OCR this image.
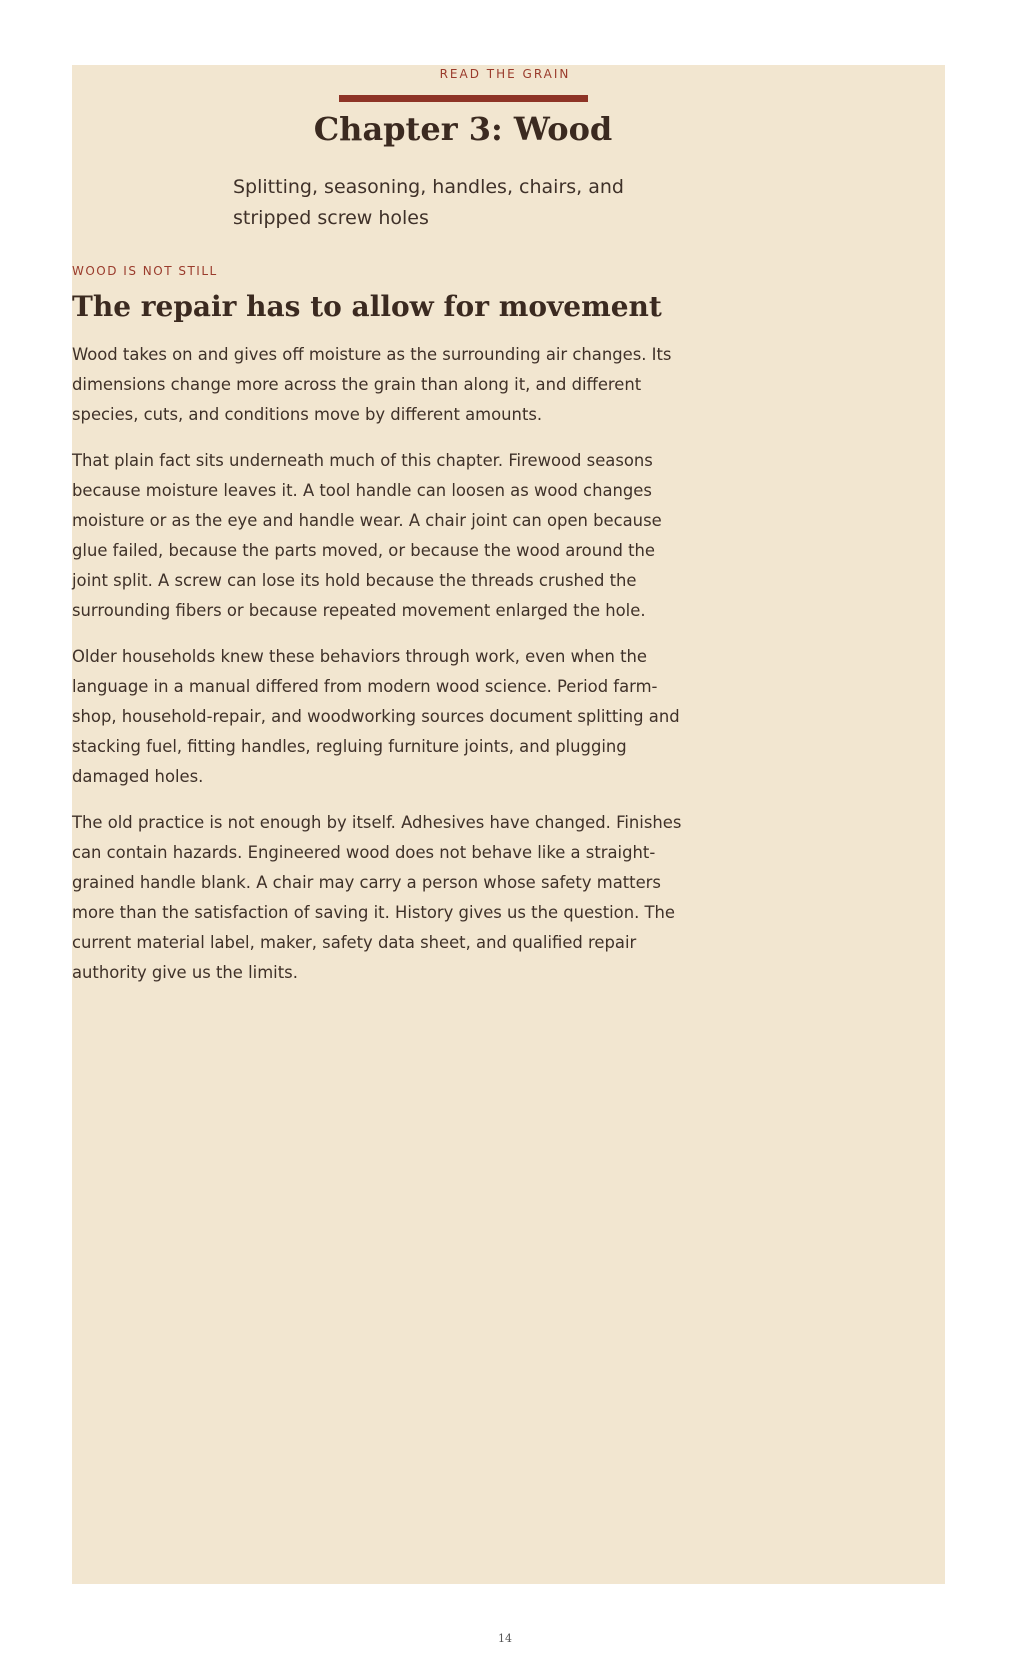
READ THE GRAIN
Chapter 3: Wood

Splitting, seasoning, handles, chairs, and stripped screw holes

WOOD IS NOT STILL
The repair has to allow for movement

Wood takes on and gives off moisture as the surrounding air changes. Its dimensions change more across the grain than along it, and different species, cuts, and conditions move by different amounts.

That plain fact sits underneath much of this chapter. Firewood seasons because moisture leaves it. A tool handle can loosen as wood changes moisture or as the eye and handle wear. A chair joint can open because glue failed, because the parts moved, or because the wood around the joint split. A screw can lose its hold because the threads crushed the surrounding fibers or because repeated movement enlarged the hole.

Older households knew these behaviors through work, even when the language in a manual differed from modern wood science. Period farm-shop, household-repair, and woodworking sources document splitting and stacking fuel, fitting handles, regluing furniture joints, and plugging damaged holes.

The old practice is not enough by itself. Adhesives have changed. Finishes can contain hazards. Engineered wood does not behave like a straight-grained handle blank. A chair may carry a person whose safety matters more than the satisfaction of saving it. History gives us the question. The current material label, maker, safety data sheet, and qualified repair authority give us the limits.

14
